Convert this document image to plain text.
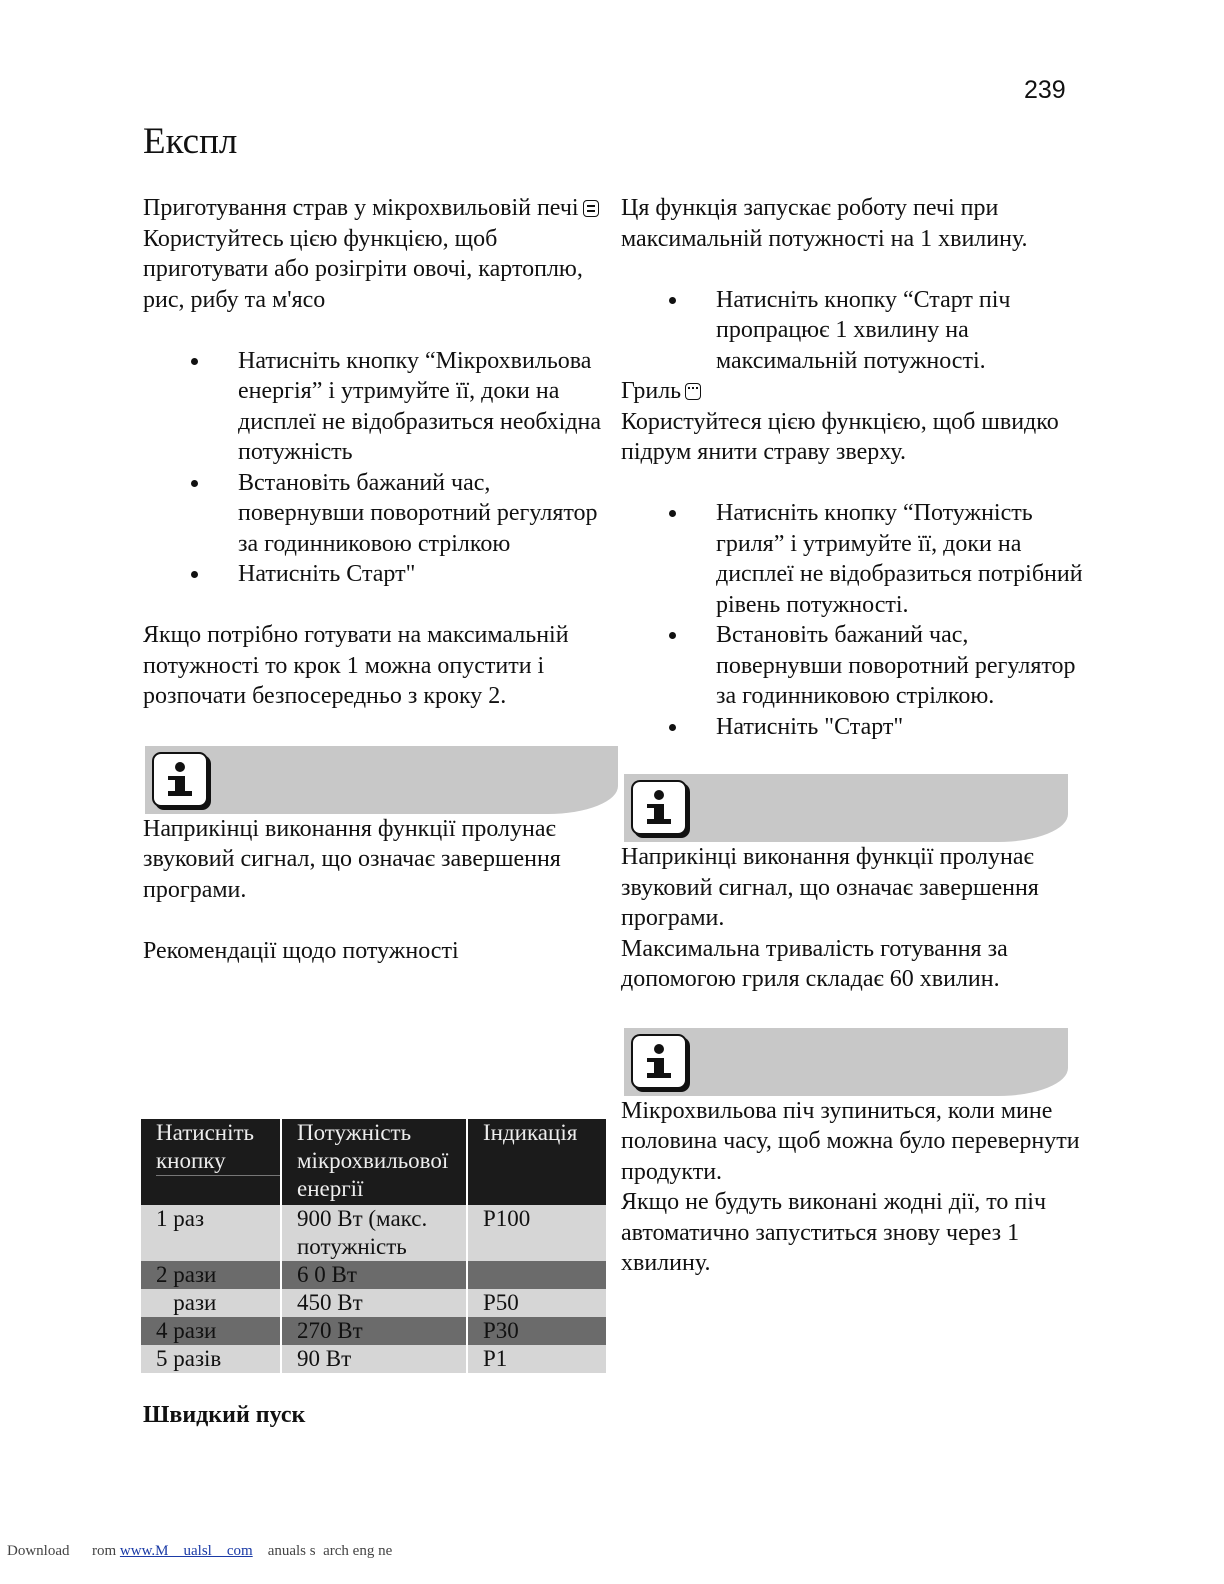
239
Експл

Приготування страв у мікрохвильовій печі

Користуйтесь цією функцією, щоб приготувати або розігріти овочі, картоплю, рис, рибу та м'ясо

Натисніть кнопку “Мікрохвильова енергія” і утримуйте її, доки на дисплеї не відобразиться необхідна потужність
Встановіть бажаний час, повернувши поворотний регулятор за годинниковою стрілкою
Натисніть Старт"

Якщо потрібно готувати на максимальній потужності то крок 1 можна опустити і розпочати безпосередньо з кроку 2.

Наприкінці виконання функції пролунає звуковий сигнал, що означає завершення програми.

Рекомендації щодо потужності

Натисніть кнопку	Потужність мікрохвильової енергії	Індикація
1 раз	900 Вт (макс. потужність	P100
2 рази	6 0 Вт	
рази	450 Вт	P50
4 рази	270 Вт	P30
5 разів	90 Вт	P1
Швидкий пуск

Ця функція запускає роботу печі при максимальній потужності на 1 хвилину.

Натисніть кнопку “Старт піч пропрацює 1 хвилину на максимальній потужності.

Гриль

Користуйтеся цією функцією, щоб швидко підрум янити страву зверху.

Натисніть кнопку “Потужність гриля” і утримуйте її, доки на дисплеї не відобразиться потрібний рівень потужності.
Встановіть бажаний час, повернувши поворотний регулятор за годинниковою стрілкою.
Натисніть "Старт"

Наприкінці виконання функції пролунає звуковий сигнал, що означає завершення програми.

Максимальна тривалість готування за допомогою гриля складає 60 хвилин.

Мікрохвильова піч зупиниться, коли мине половина часу, щоб можна було перевернути продукти.

Якщо не будуть виконані жодні дії, то піч автоматично запуститься знову через 1 хвилину.

Download      rom www.M    ualsl    com    anuals s  arch eng ne
